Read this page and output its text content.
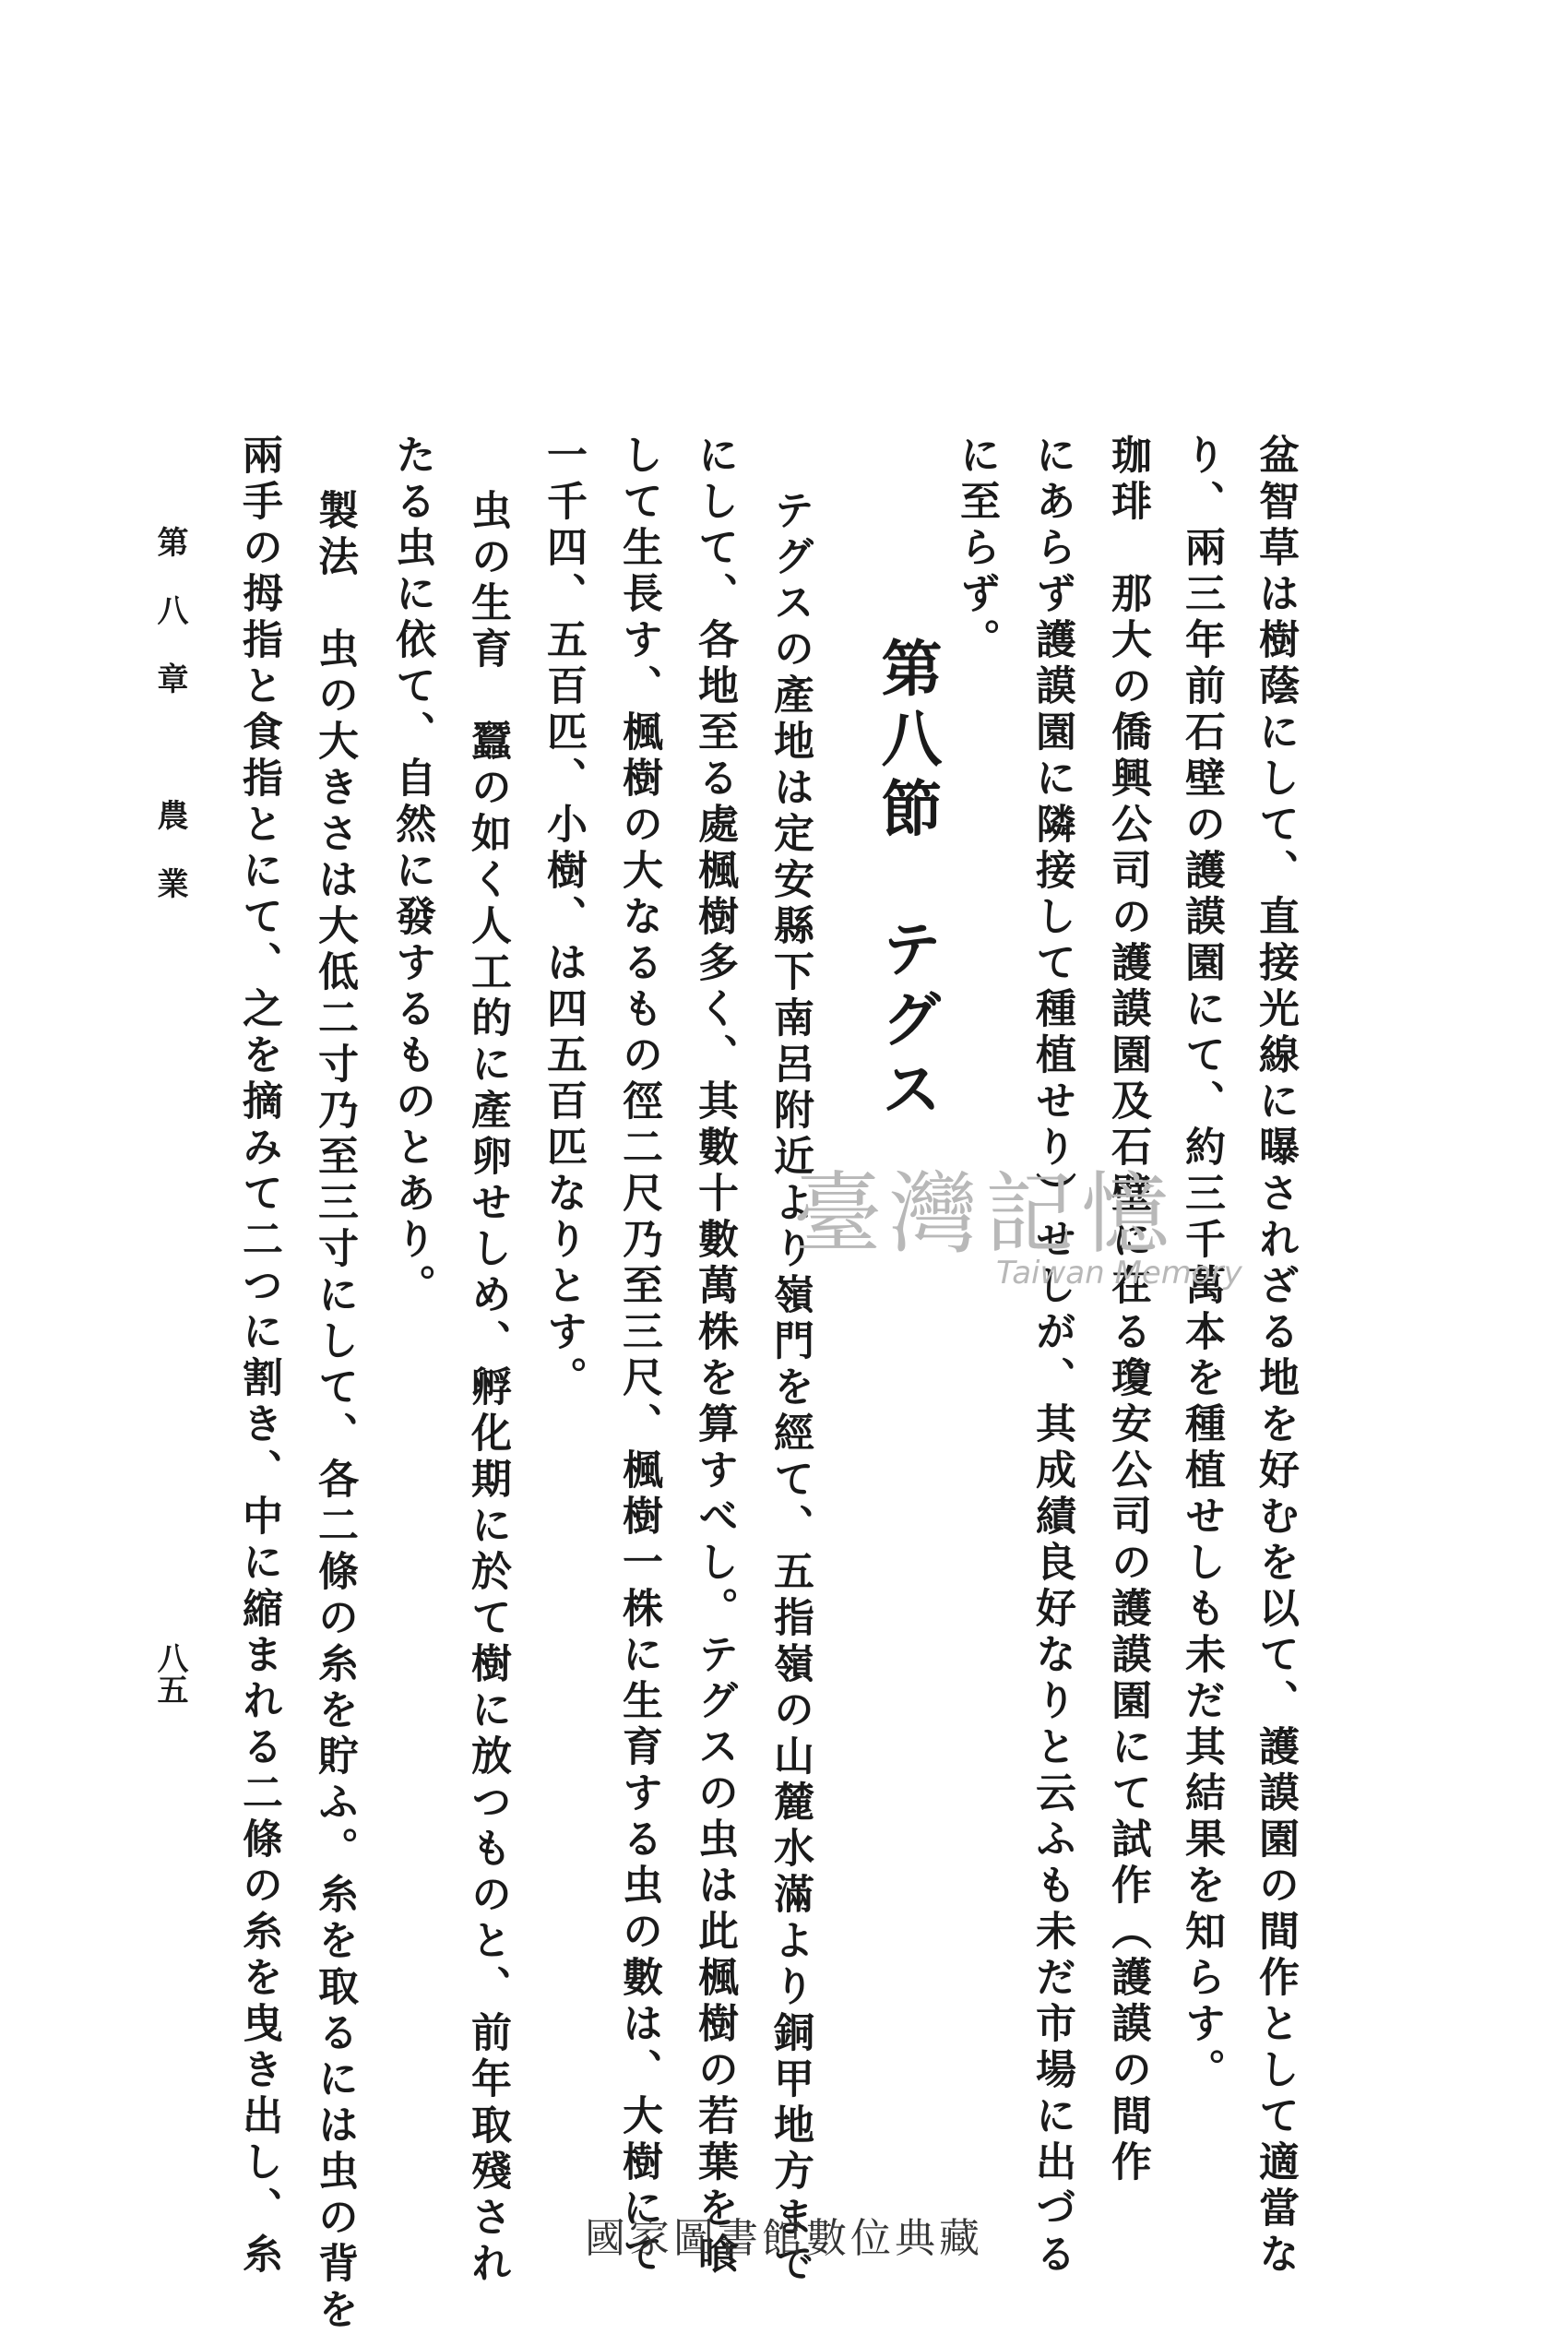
盆智草は樹蔭にして、直接光線に曝されざる地を好むを以て、護謨園の間作として適當な
り、兩三年前石壁の護謨園にて、約三千萬本を種植せしも未だ其結果を知らす。
珈琲　那大の僑興公司の護謨園及石壁に在る瓊安公司の護謨園にて試作（護謨の間作
にあらず護謨園に隣接して種植せり）せしが、其成績良好なりと云ふも未だ市場に出づる
に至らず。
第八節　テグス
テグスの產地は定安縣下南呂附近より嶺門を經て、五指嶺の山麓水滿より銅甲地方まで
にして、各地至る處楓樹多く、其數十數萬株を算すべし。テグスの虫は此楓樹の若葉を喰
して生長す、楓樹の大なるもの徑二尺乃至三尺、楓樹一株に生育する虫の數は、大樹にて
一千四、五百匹、小樹、は四五百匹なりとす。
虫の生育　蠶の如く人工的に產卵せしめ、孵化期に於て樹に放つものと、前年取殘され
たる虫に依て、自然に發するものとあり。
製法　虫の大きさは大低二寸乃至三寸にして、各二條の糸を貯ふ。糸を取るには虫の背を
兩手の拇指と食指とにて、之を摘みて二つに割き、中に縮まれる二條の糸を曳き出し、糸
第八章　農業
八五
臺灣記憶
Taiwan Memory
國家圖書館數位典藏
